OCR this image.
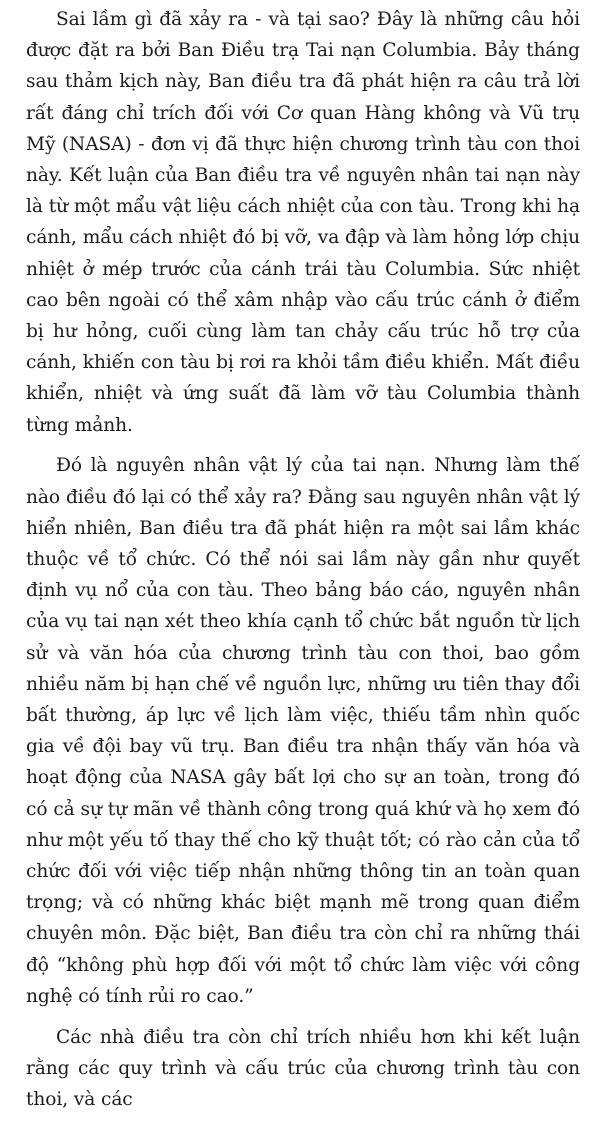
Sai lầm gì đã xảy ra - và tại sao? Đây là những câu hỏi được đặt ra bởi Ban Điều trạ Tai nạn Columbia. Bảy tháng sau thảm kịch này, Ban điều tra đã phát hiện ra câu trả lời rất đáng chỉ trích đối với Cơ quan Hàng không và Vũ trụ Mỹ (NASA) - đơn vị đã thực hiện chương trình tàu con thoi này. Kết luận của Ban điều tra về nguyên nhân tai nạn này là từ một mẩu vật liệu cách nhiệt của con tàu. Trong khi hạ cánh, mẩu cách nhiệt đó bị vỡ, va đập và làm hỏng lớp chịu nhiệt ở mép trước của cánh trái tàu Columbia. Sức nhiệt cao bên ngoài có thể xâm nhập vào cấu trúc cánh ở điểm bị hư hỏng, cuối cùng làm tan chảy cấu trúc hỗ trợ của cánh, khiến con tàu bị rơi ra khỏi tầm điều khiển. Mất điều khiển, nhiệt và ứng suất đã làm vỡ tàu Columbia thành từng mảnh.

Đó là nguyên nhân vật lý của tai nạn. Nhưng làm thế nào điều đó lại có thể xảy ra? Đằng sau nguyên nhân vật lý hiển nhiên, Ban điều tra đã phát hiện ra một sai lầm khác thuộc về tổ chức. Có thể nói sai lầm này gần như quyết định vụ nổ của con tàu. Theo bảng báo cáo, nguyên nhân của vụ tai nạn xét theo khía cạnh tổ chức bắt nguồn từ lịch sử và văn hóa của chương trình tàu con thoi, bao gồm nhiều năm bị hạn chế về nguồn lực, những ưu tiên thay đổi bất thường, áp lực về lịch làm việc, thiếu tầm nhìn quốc gia về đội bay vũ trụ. Ban điều tra nhận thấy văn hóa và hoạt động của NASA gây bất lợi cho sự an toàn, trong đó có cả sự tự mãn về thành công trong quá khứ và họ xem đó như một yếu tố thay thế cho kỹ thuật tốt; có rào cản của tổ chức đối với việc tiếp nhận những thông tin an toàn quan trọng; và có những khác biệt mạnh mẽ trong quan điểm chuyên môn. Đặc biệt, Ban điều tra còn chỉ ra những thái độ “không phù hợp đối với một tổ chức làm việc với công nghệ có tính rủi ro cao.”

Các nhà điều tra còn chỉ trích nhiều hơn khi kết luận rằng các quy trình và cấu trúc của chương trình tàu con thoi, và các
